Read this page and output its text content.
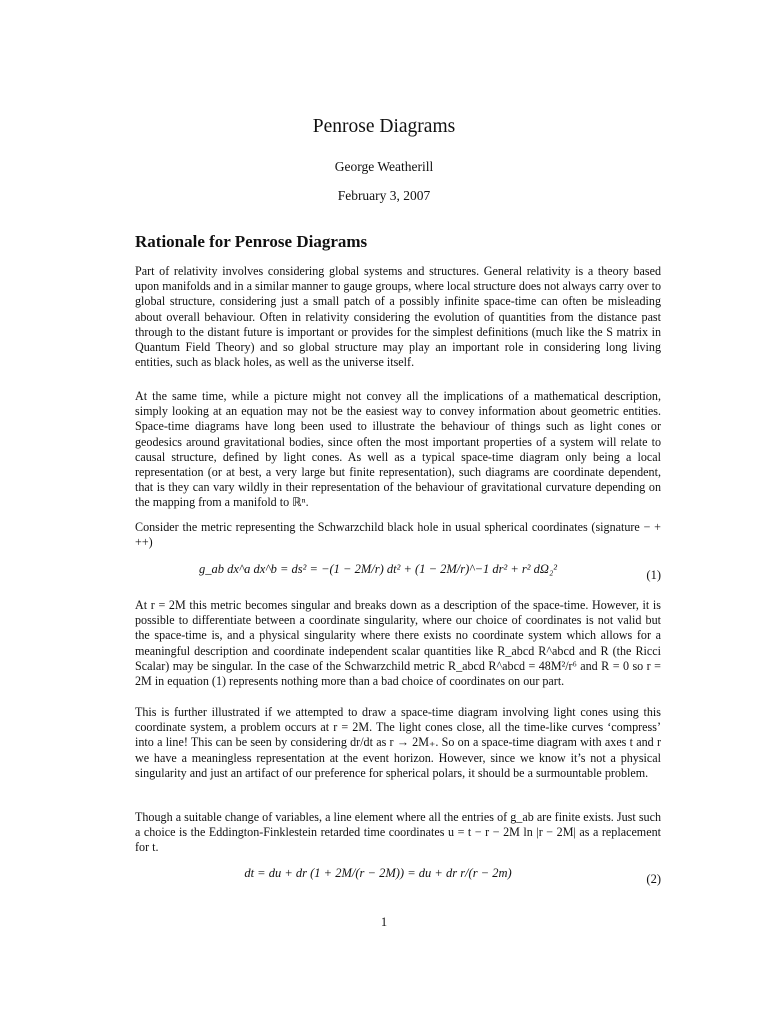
Penrose Diagrams
George Weatherill
February 3, 2007
Rationale for Penrose Diagrams

Part of relativity involves considering global systems and structures. General relativity is a theory based upon manifolds and in a similar manner to gauge groups, where local structure does not always carry over to global structure, considering just a small patch of a possibly infinite space-time can often be misleading about overall behaviour. Often in relativity considering the evolution of quantities from the distance past through to the distant future is important or provides for the simplest definitions (much like the S matrix in Quantum Field Theory) and so global structure may play an important role in considering long living entities, such as black holes, as well as the universe itself.

At the same time, while a picture might not convey all the implications of a mathematical description, simply looking at an equation may not be the easiest way to convey information about geometric entities. Space-time diagrams have long been used to illustrate the behaviour of things such as light cones or geodesics around gravitational bodies, since often the most important properties of a system will relate to causal structure, defined by light cones. As well as a typical space-time diagram only being a local representation (or at best, a very large but finite representation), such diagrams are coordinate dependent, that is they can vary wildly in their representation of the behaviour of gravitational curvature depending on the mapping from a manifold to ℝⁿ.

Consider the metric representing the Schwarzchild black hole in usual spherical coordinates (signature − + ++)

g_ab dx^a dx^b = ds² = −(1 − 2M/r) dt² + (1 − 2M/r)^−1 dr² + r² dΩ₂²	(1)

At r = 2M this metric becomes singular and breaks down as a description of the space-time. However, it is possible to differentiate between a coordinate singularity, where our choice of coordinates is not valid but the space-time is, and a physical singularity where there exists no coordinate system which allows for a meaningful description and coordinate independent scalar quantities like R_abcd R^abcd and R (the Ricci Scalar) may be singular. In the case of the Schwarzchild metric R_abcd R^abcd = 48M²/r⁶ and R = 0 so r = 2M in equation (1) represents nothing more than a bad choice of coordinates on our part.

This is further illustrated if we attempted to draw a space-time diagram involving light cones using this coordinate system, a problem occurs at r = 2M. The light cones close, all the time-like curves ‘compress’ into a line! This can be seen by considering dr/dt as r → 2M₊. So on a space-time diagram with axes t and r we have a meaningless representation at the event horizon. However, since we know it’s not a physical singularity and just an artifact of our preference for spherical polars, it should be a surmountable problem.

Though a suitable change of variables, a line element where all the entries of g_ab are finite exists. Just such a choice is the Eddington-Finklestein retarded time coordinates u = t − r − 2M ln |r − 2M| as a replacement for t.

dt = du + dr (1 + 2M/(r − 2M)) = du + dr r/(r − 2m)	(2)
1
